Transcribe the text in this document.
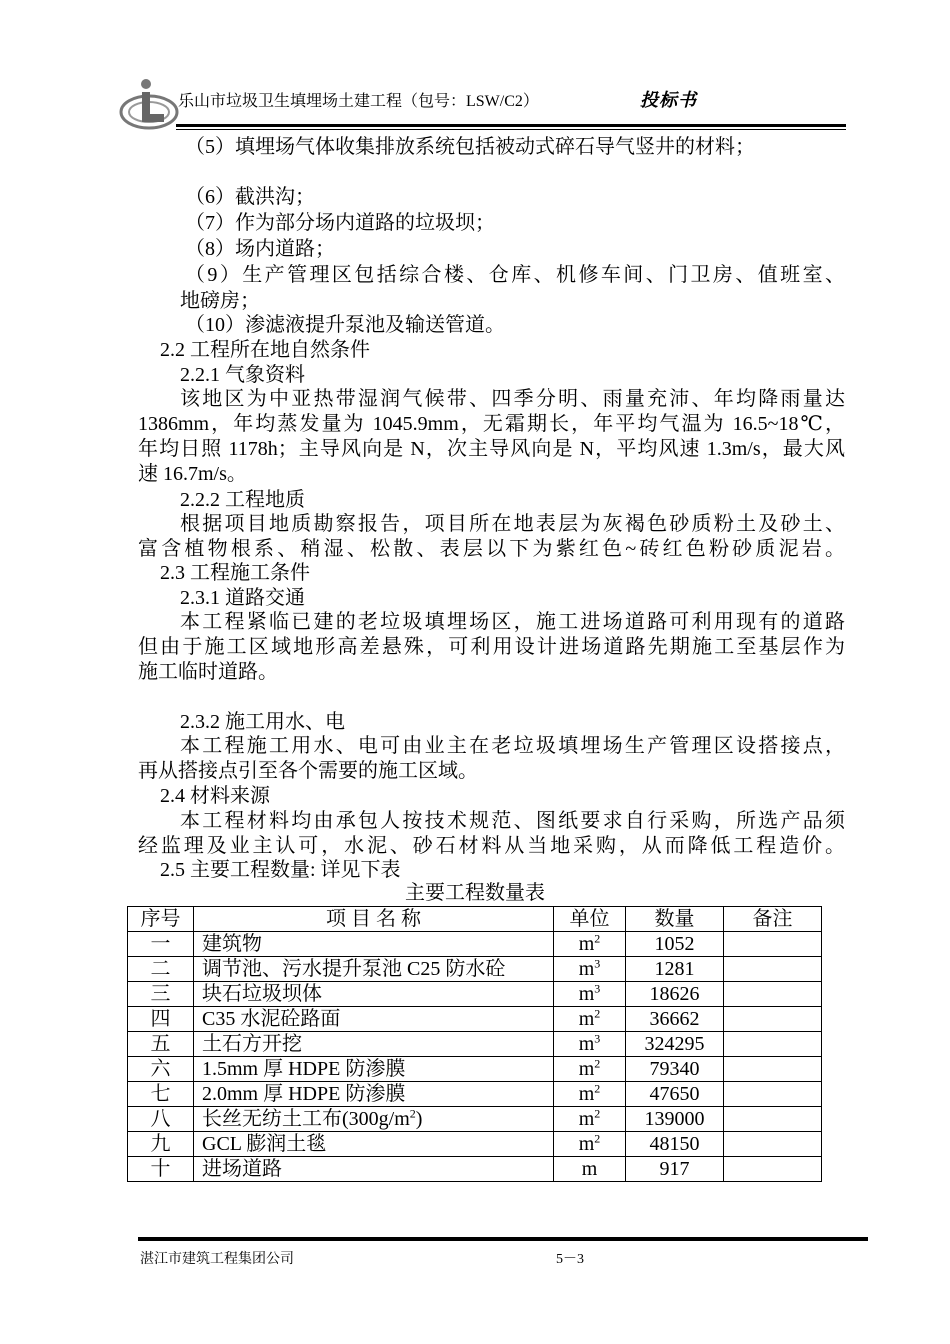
乐山市垃圾卫生填埋场土建工程（包号：LSW/C2）	投标书
（5）填埋场气体收集排放系统包括被动式碎石导气竖井的材料；
（6）截洪沟；
（7）作为部分场内道路的垃圾坝；
（8）场内道路；
（9）生产管理区包括综合楼、仓库、机修车间、门卫房、值班室、
地磅房；
（10）渗滤液提升泵池及输送管道。
2.2 工程所在地自然条件
2.2.1 气象资料
该地区为中亚热带湿润气候带、四季分明、雨量充沛、年均降雨量达
1386mm，年均蒸发量为 1045.9mm，无霜期长，年平均气温为 16.5~18℃，
年均日照 1178h；主导风向是 N，次主导风向是 N，平均风速 1.3m/s，最大风
速 16.7m/s。
2.2.2 工程地质
根据项目地质勘察报告，项目所在地表层为灰褐色砂质粉土及砂土、
富含植物根系、稍湿、松散、表层以下为紫红色~砖红色粉砂质泥岩。
2.3 工程施工条件
2.3.1 道路交通
本工程紧临已建的老垃圾填埋场区，施工进场道路可利用现有的道路
但由于施工区域地形高差悬殊，可利用设计进场道路先期施工至基层作为
施工临时道路。
2.3.2 施工用水、电
本工程施工用水、电可由业主在老垃圾填埋场生产管理区设搭接点，
再从搭接点引至各个需要的施工区域。
2.4 材料来源
本工程材料均由承包人按技术规范、图纸要求自行采购，所选产品须
经监理及业主认可，水泥、砂石材料从当地采购，从而降低工程造价。
2.5 主要工程数量: 详见下表
主要工程数量表
序号	项 目 名 称	单位	数量	备注
一	建筑物	$m^2$	1052	
二	调节池、污水提升泵池 C25 防水砼	$m^3$	1281	
三	块石垃圾坝体	$m^3$	18626	
四	C35 水泥砼路面	$m^2$	36662	
五	土石方开挖	$m^3$	324295	
六	1.5mm 厚 HDPE 防渗膜	$m^2$	79340	
七	2.0mm 厚 HDPE 防渗膜	$m^2$	47650	
八	长丝无纺土工布$(300g/m^2)$	$m^2$	139000	
九	GCL 膨润土毯	$m^2$	48150	
十	进场道路	m	917	
湛江市建筑工程集团公司	5－3
